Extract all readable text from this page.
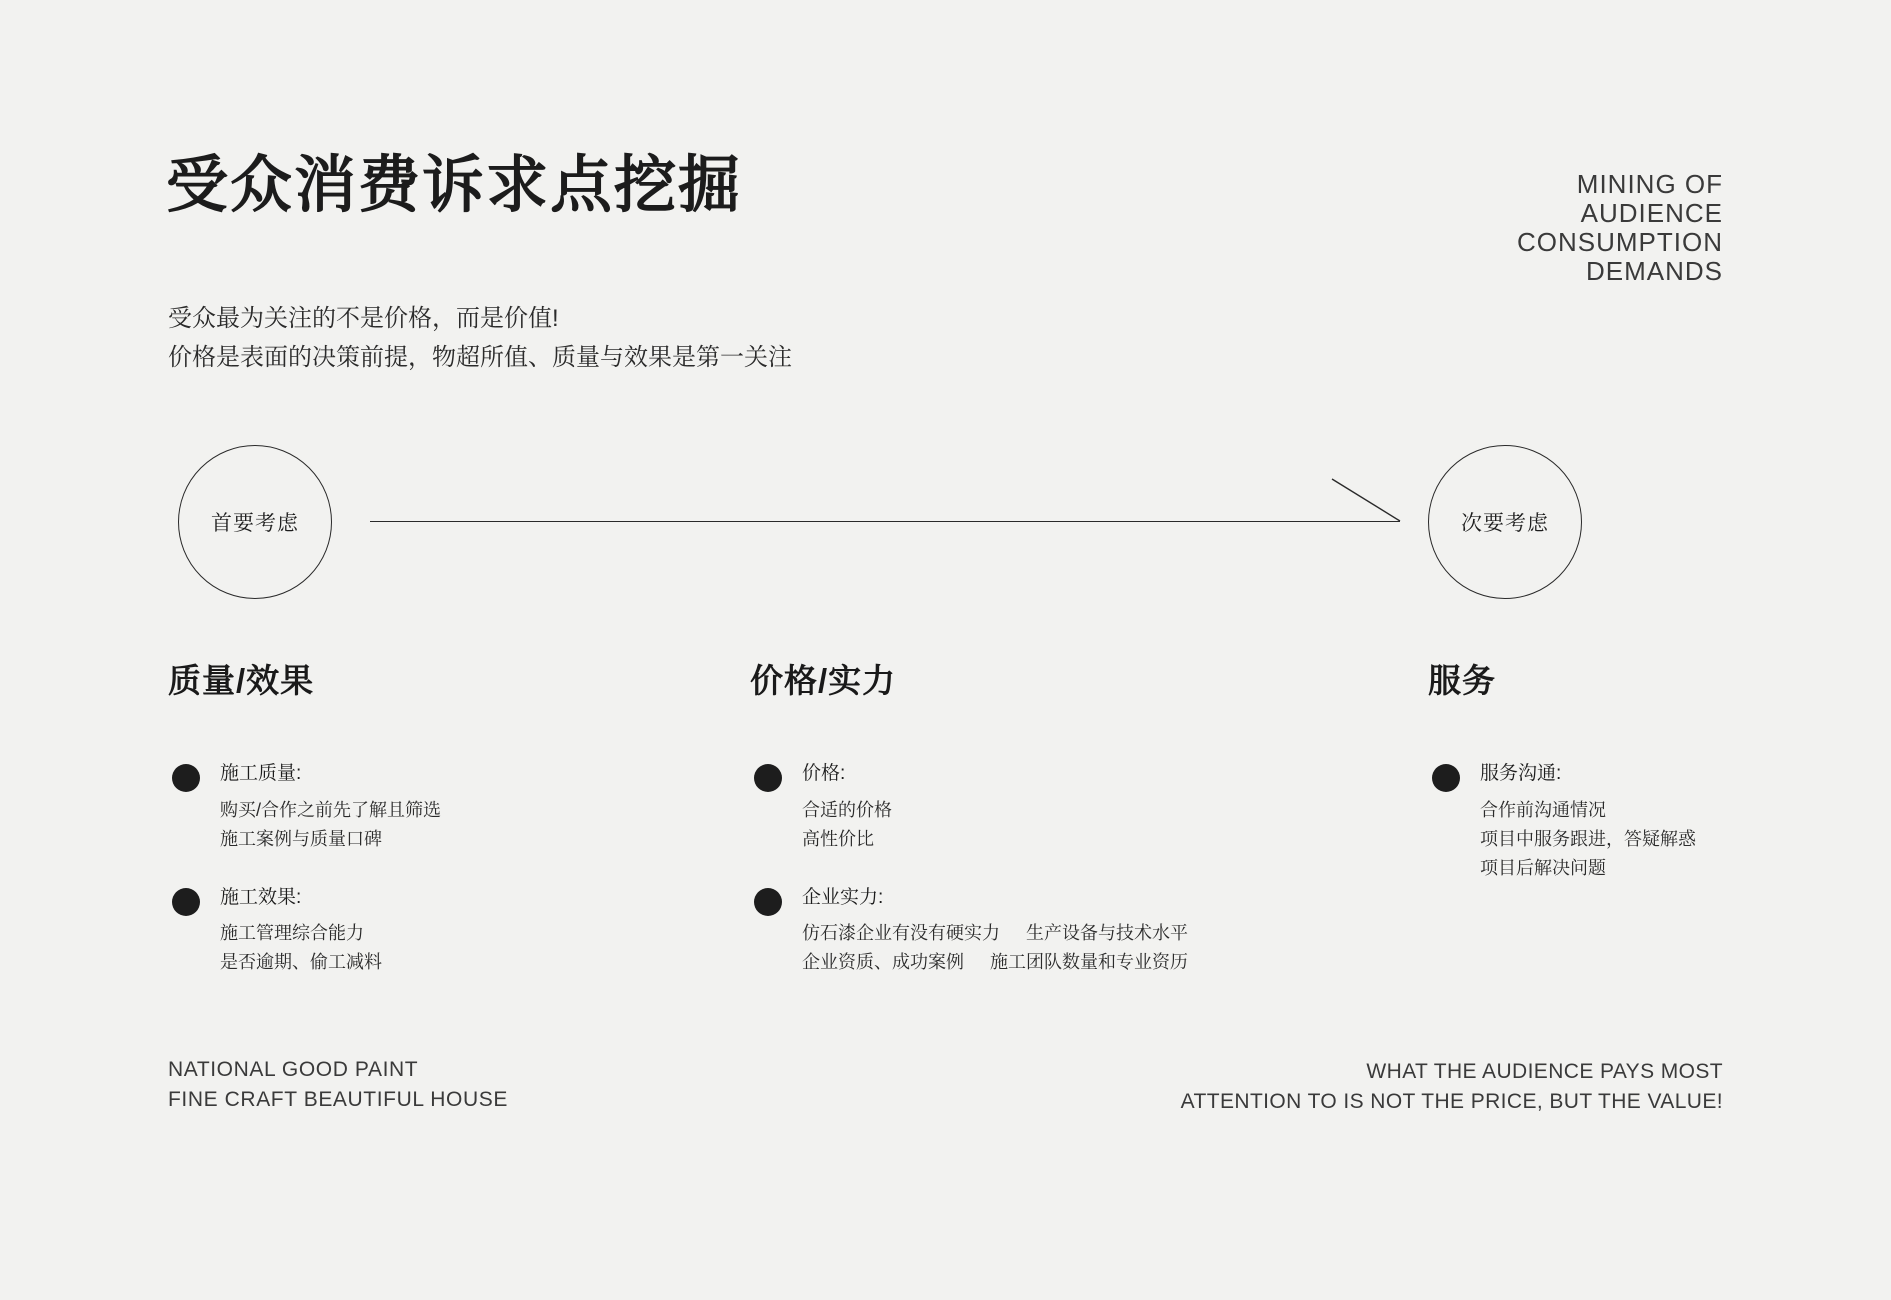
受众消费诉求点挖掘	MINING OF
AUDIENCE
CONSUMPTION
DEMANDS
受众最为关注的不是价格，而是价值!
价格是表面的决策前提，物超所值、质量与效果是第一关注
首要考虑	次要考虑
质量/效果
施工质量:
购买/合作之前先了解且筛选
施工案例与质量口碑
施工效果:
施工管理综合能力
是否逾期、偷工减料
价格/实力
价格:
合适的价格
高性价比
企业实力:
仿石漆企业有没有硬实力 生产设备与技术水平
企业资质、成功案例 施工团队数量和专业资历
服务
服务沟通:
合作前沟通情况
项目中服务跟进，答疑解惑
项目后解决问题
NATIONAL GOOD PAINT
FINE CRAFT BEAUTIFUL HOUSE
WHAT THE AUDIENCE PAYS MOST
ATTENTION TO IS NOT THE PRICE, BUT THE VALUE!
